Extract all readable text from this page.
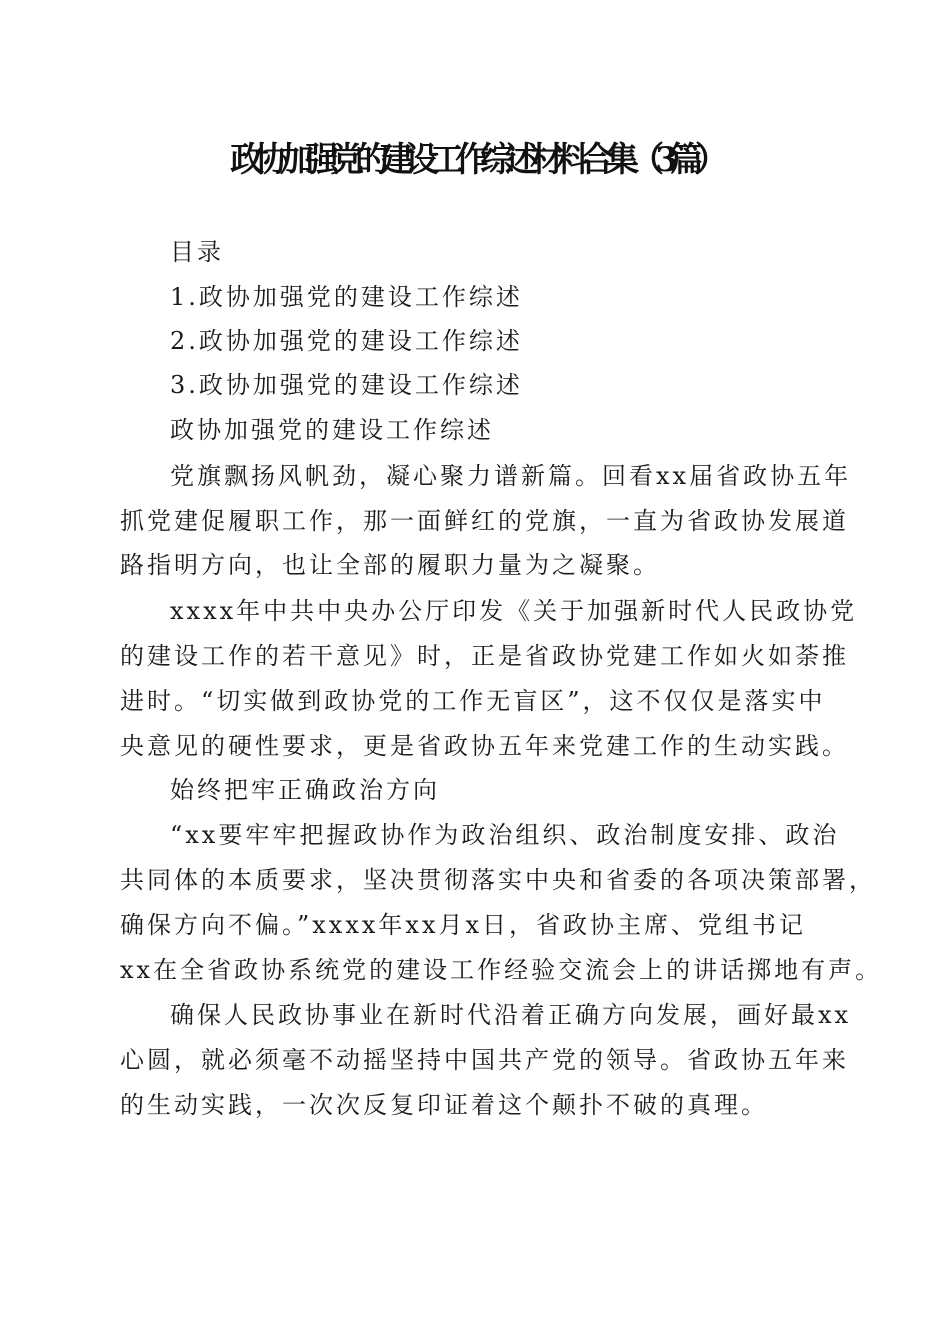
政协加强党的建设工作综述材料合集（3篇）
目录
1.政协加强党的建设工作综述
2.政协加强党的建设工作综述
3.政协加强党的建设工作综述
政协加强党的建设工作综述
党旗飘扬风帆劲，凝心聚力谱新篇。回看xx届省政协五年
抓党建促履职工作，那一面鲜红的党旗，一直为省政协发展道
路指明方向，也让全部的履职力量为之凝聚。
xxxx年中共中央办公厅印发《关于加强新时代人民政协党
的建设工作的若干意见》时，正是省政协党建工作如火如荼推
进时。“切实做到政协党的工作无盲区”，这不仅仅是落实中
央意见的硬性要求，更是省政协五年来党建工作的生动实践。
始终把牢正确政治方向
“xx要牢牢把握政协作为政治组织、政治制度安排、政治
共同体的本质要求，坚决贯彻落实中央和省委的各项决策部署，
确保方向不偏。”xxxx年xx月x日，省政协主席、党组书记
xx在全省政协系统党的建设工作经验交流会上的讲话掷地有声。
确保人民政协事业在新时代沿着正确方向发展，画好最xx
心圆，就必须毫不动摇坚持中国共产党的领导。省政协五年来
的生动实践，一次次反复印证着这个颠扑不破的真理。
